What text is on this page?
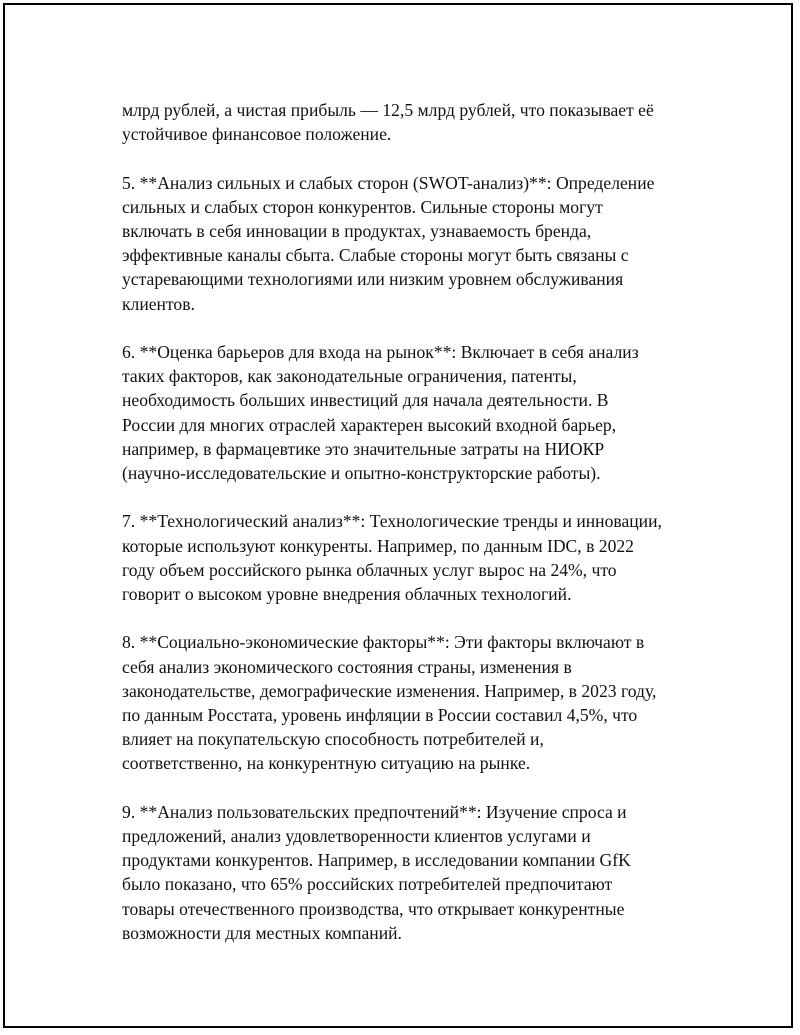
млрд рублей, а чистая прибыль — 12,5 млрд рублей, что показывает её
устойчивое финансовое положение.

5. **Анализ сильных и слабых сторон (SWOT-анализ)**: Определение
сильных и слабых сторон конкурентов. Сильные стороны могут
включать в себя инновации в продуктах, узнаваемость бренда,
эффективные каналы сбыта. Слабые стороны могут быть связаны с
устаревающими технологиями или низким уровнем обслуживания
клиентов.

6. **Оценка барьеров для входа на рынок**: Включает в себя анализ
таких факторов, как законодательные ограничения, патенты,
необходимость больших инвестиций для начала деятельности. В
России для многих отраслей характерен высокий входной барьер,
например, в фармацевтике это значительные затраты на НИОКР
(научно-исследовательские и опытно-конструкторские работы).

7. **Технологический анализ**: Технологические тренды и инновации,
которые используют конкуренты. Например, по данным IDC, в 2022
году объем российского рынка облачных услуг вырос на 24%, что
говорит о высоком уровне внедрения облачных технологий.

8. **Социально-экономические факторы**: Эти факторы включают в
себя анализ экономического состояния страны, изменения в
законодательстве, демографические изменения. Например, в 2023 году,
по данным Росстата, уровень инфляции в России составил 4,5%, что
влияет на покупательскую способность потребителей и,
соответственно, на конкурентную ситуацию на рынке.

9. **Анализ пользовательских предпочтений**: Изучение спроса и
предложений, анализ удовлетворенности клиентов услугами и
продуктами конкурентов. Например, в исследовании компании GfK
было показано, что 65% российских потребителей предпочитают
товары отечественного производства, что открывает конкурентные
возможности для местных компаний.
